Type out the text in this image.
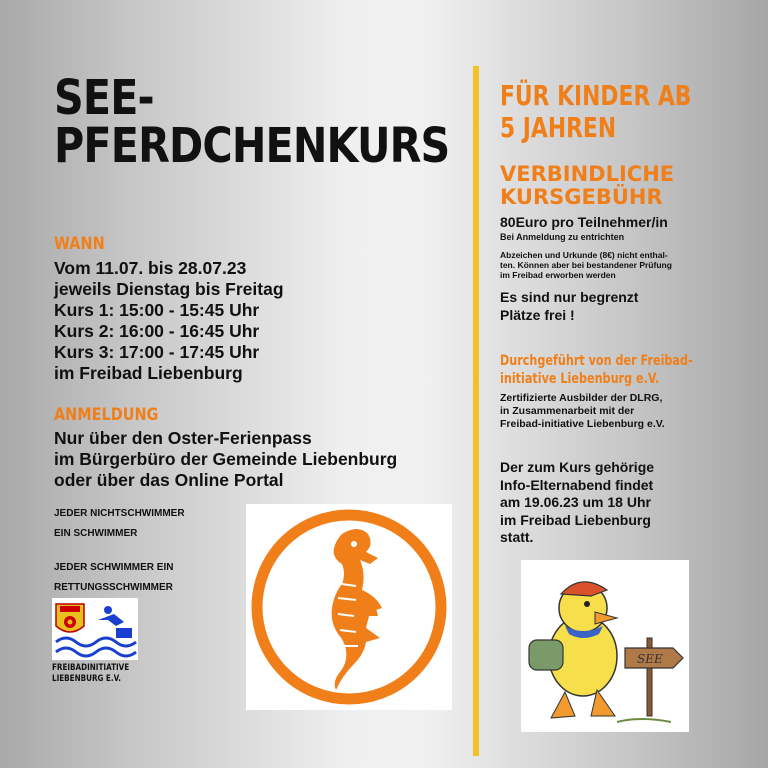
SEE-
PFERDCHENKURS
WANN
Vom 11.07. bis 28.07.23
jeweils Dienstag bis Freitag
Kurs 1: 15:00 - 15:45 Uhr
Kurs 2: 16:00 - 16:45 Uhr
Kurs 3: 17:00 - 17:45 Uhr
im Freibad Liebenburg
ANMELDUNG
Nur über den Oster-Ferienpass
im Bürgerbüro der Gemeinde Liebenburg
oder über das Online Portal
JEDER NICHTSCHWIMMER
EIN SCHWIMMER
JEDER SCHWIMMER EIN
RETTUNGSSCHWIMMER
FREIBADINITIATIVE
LIEBENBURG E.V.
FÜR KINDER AB
5 JAHREN
VERBINDLICHE
KURSGEBÜHR
80Euro pro Teilnehmer/in
Bei Anmeldung zu entrichten
Abzeichen und Urkunde (8€) nicht enthal-
ten. Können aber bei bestandener Prüfung
im Freibad erworben werden
Es sind nur begrenzt
Plätze frei !
Durchgeführt von der Freibad-
initiative Liebenburg e.V.
Zertifizierte Ausbilder der DLRG,
in Zusammenarbeit mit der
Freibad-initiative Liebenburg e.V.
Der zum Kurs gehörige
Info-Elternabend findet
am 19.06.23 um 18 Uhr
im Freibad Liebenburg
statt.
SEE
